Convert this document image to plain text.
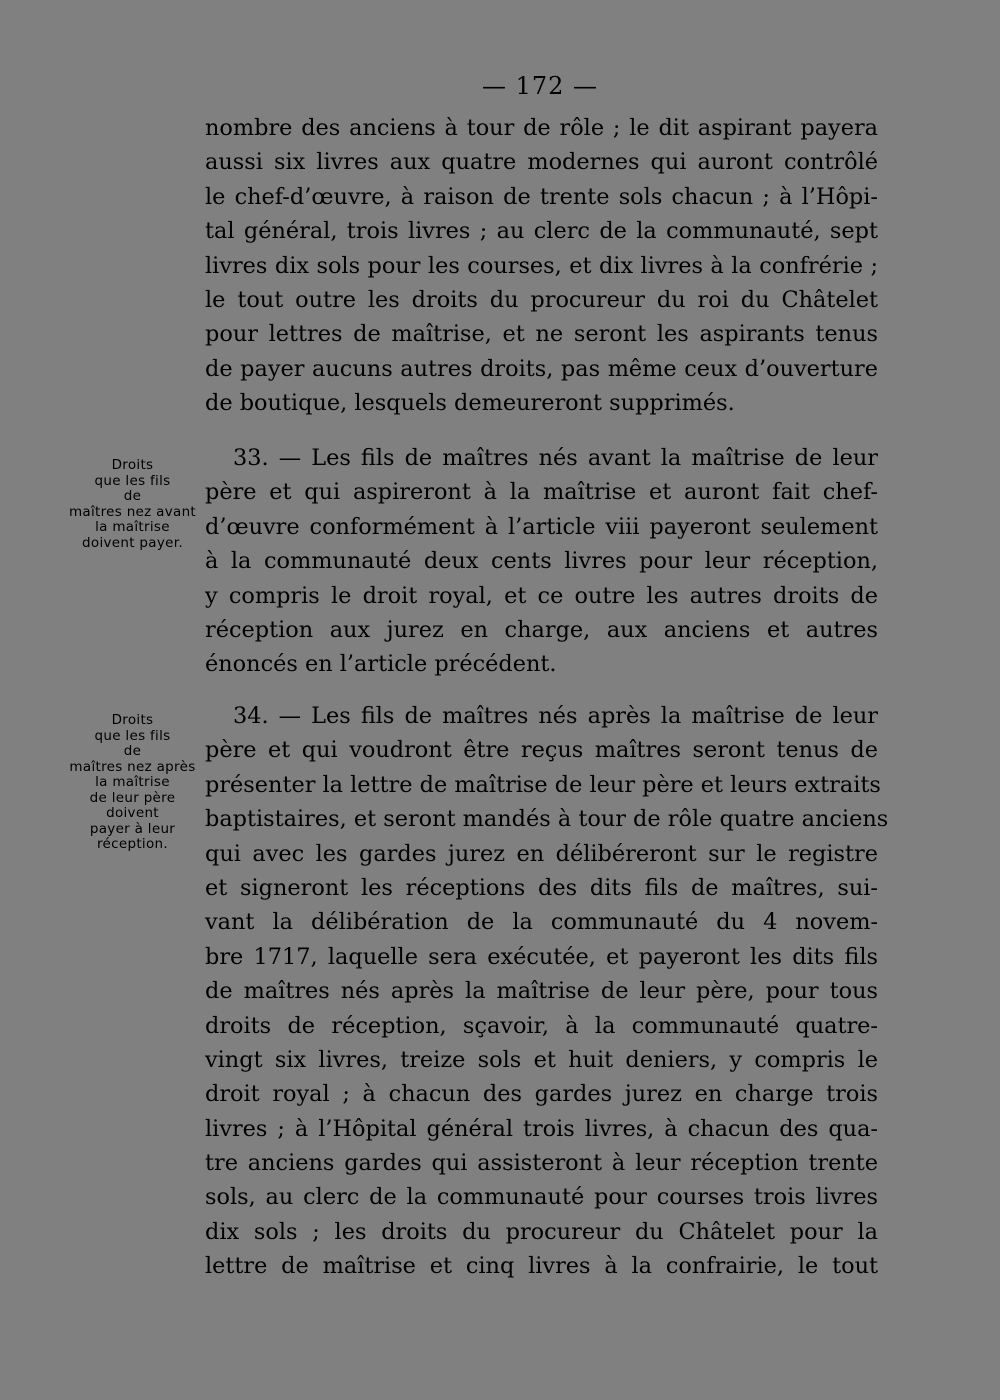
— 172 —
nombre des anciens à tour de rôle ; le dit aspirant payera
aussi six livres aux quatre modernes qui auront contrôlé
le chef-d’œuvre, à raison de trente sols chacun ; à l’Hôpi-
tal général, trois livres ; au clerc de la communauté, sept
livres dix sols pour les courses, et dix livres à la confrérie ;
le tout outre les droits du procureur du roi du Châtelet
pour lettres de maîtrise, et ne seront les aspirants tenus
de payer aucuns autres droits, pas même ceux d’ouverture
de boutique, lesquels demeureront supprimés.
Droits
que les fils
de
maîtres nez avant
la maîtrise
doivent payer.
33. — Les fils de maîtres nés avant la maîtrise de leur
père et qui aspireront à la maîtrise et auront fait chef-
d’œuvre conformément à l’article viii payeront seulement
à la communauté deux cents livres pour leur réception,
y compris le droit royal, et ce outre les autres droits de
réception aux jurez en charge, aux anciens et autres
énoncés en l’article précédent.
Droits
que les fils
de
maîtres nez après
la maîtrise
de leur père
doivent
payer à leur
réception.
34. — Les fils de maîtres nés après la maîtrise de leur
père et qui voudront être reçus maîtres seront tenus de
présenter la lettre de maîtrise de leur père et leurs extraits
baptistaires, et seront mandés à tour de rôle quatre anciens
qui avec les gardes jurez en délibéreront sur le registre
et signeront les réceptions des dits fils de maîtres, sui-
vant la délibération de la communauté du 4 novem-
bre 1717, laquelle sera exécutée, et payeront les dits fils
de maîtres nés après la maîtrise de leur père, pour tous
droits de réception, sçavoir, à la communauté quatre-
vingt six livres, treize sols et huit deniers, y compris le
droit royal ; à chacun des gardes jurez en charge trois
livres ; à l’Hôpital général trois livres, à chacun des qua-
tre anciens gardes qui assisteront à leur réception trente
sols, au clerc de la communauté pour courses trois livres
dix sols ; les droits du procureur du Châtelet pour la
lettre de maîtrise et cinq livres à la confrairie, le tout
